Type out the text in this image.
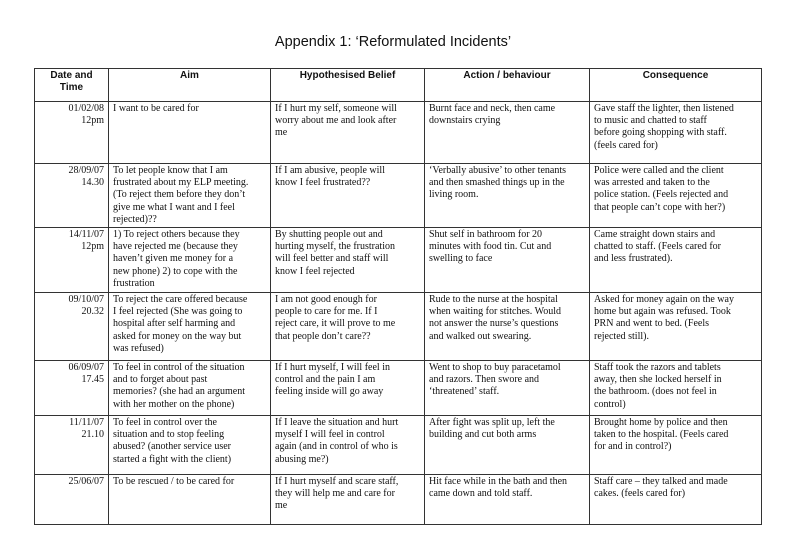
Appendix 1: ‘Reformulated Incidents’
Date and
Time	Aim	Hypothesised Belief	Action / behaviour	Consequence

01/02/08
12pm	I want to be cared for	If I hurt my self, someone will
worry about me and look after
me	Burnt face and neck, then came
downstairs crying	Gave staff the lighter, then listened
to music and chatted to staff
before going shopping with staff.
(feels cared for)

28/09/07
14.30	To let people know that I am
frustrated about my ELP meeting.
(To reject them before they don’t
give me what I want and I feel
rejected)??	If I am abusive, people will
know I feel frustrated??	‘Verbally abusive’ to other tenants
and then smashed things up in the
living room.	Police were called and the client
was arrested and taken to the
police station. (Feels rejected and
that people can’t cope with her?)

14/11/07
12pm	1) To reject others because they
have rejected me (because they
haven’t given me money for a
new phone) 2) to cope with the
frustration	By shutting people out and
hurting myself, the frustration
will feel better and staff will
know I feel rejected	Shut self in bathroom for 20
minutes with food tin. Cut and
swelling to face	Came straight down stairs and
chatted to staff. (Feels cared for
and less frustrated).

09/10/07
20.32	To reject the care offered because
I feel rejected (She was going to
hospital after self harming and
asked for money on the way but
was refused)	I am not good enough for
people to care for me. If I
reject care, it will prove to me
that people don’t care??	Rude to the nurse at the hospital
when waiting for stitches. Would
not answer the nurse’s questions
and walked out swearing.	Asked for money again on the way
home but again was refused. Took
PRN and went to bed. (Feels
rejected still).

06/09/07
17.45	To feel in control of the situation
and to forget about past
memories? (she had an argument
with her mother on the phone)	If I hurt myself, I will feel in
control and the pain I am
feeling inside will go away	Went to shop to buy paracetamol
and razors. Then swore and
‘threatened’ staff.	Staff took the razors and tablets
away, then she locked herself in
the bathroom. (does not feel in
control)

11/11/07
21.10	To feel in control over the
situation and to stop feeling
abused? (another service user
started a fight with the client)	If I leave the situation and hurt
myself I will feel in control
again (and in control of who is
abusing me?)	After fight was split up, left the
building and cut both arms	Brought home by police and then
taken to the hospital. (Feels cared
for and in control?)

25/06/07	To be rescued / to be cared for	If I hurt myself and scare staff,
they will help me and care for
me	Hit face while in the bath and then
came down and told staff.	Staff care – they talked and made
cakes. (feels cared for)
